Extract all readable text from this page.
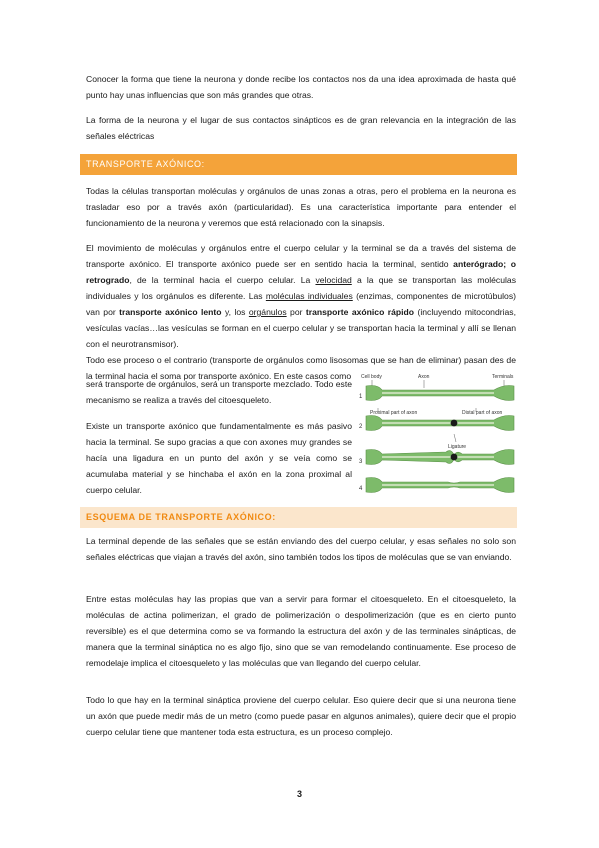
Conocer la forma que tiene la neurona y donde recibe los contactos nos da una idea aproximada de hasta qué punto hay unas influencias que son más grandes que otras.

La forma de la neurona y el lugar de sus contactos sinápticos es de gran relevancia en la integración de las señales eléctricas

TRANSPORTE AXÓNICO:

Todas la células transportan moléculas y orgánulos de unas zonas a otras, pero el problema en la neurona es trasladar eso por a través axón (particularidad). Es una característica importante para entender el funcionamiento de la neurona y veremos que está relacionado con la sinapsis.

El movimiento de moléculas y orgánulos entre el cuerpo celular y la terminal se da a través del sistema de transporte axónico. El transporte axónico puede ser en sentido hacia la terminal, sentido anterógrado; o retrogrado, de la terminal hacia el cuerpo celular. La velocidad a la que se transportan las moléculas individuales y los orgánulos es diferente. Las moléculas individuales (enzimas, componentes de microtúbulos) van por transporte axónico lento y, los orgánulos por transporte axónico rápido (incluyendo mitocondrias, vesículas vacías…las vesículas se forman en el cuerpo celular y se transportan hacia la terminal y allí se llenan con el neurotransmisor).
Todo ese proceso o el contrario (transporte de orgánulos como lisosomas que se han de eliminar) pasan des de la terminal hacia el soma por transporte axónico. En este casos como

será transporte de orgánulos, será un transporte mezclado. Todo este mecanismo se realiza a través del citoesqueleto.

Existe un transporte axónico que fundamentalmente es más pasivo hacia la terminal. Se supo gracias a que con axones muy grandes se hacía una ligadura en un punto del axón y se veía como se acumulaba material y se hinchaba el axón en la zona proximal al cuerpo celular.

Cell body	Axon	Terminals
Proximal part of axon	Distal part of axon
Ligature
1
2
3
4
ESQUEMA DE TRANSPORTE AXÓNICO:

La terminal depende de las señales que se están enviando des del cuerpo celular, y esas señales no solo son señales eléctricas que viajan a través del axón, sino también todos los tipos de moléculas que se van enviando.

Entre estas moléculas hay las propias que van a servir para formar el citoesqueleto. En el citoesqueleto, la moléculas de actina polimerizan, el grado de polimerización o despolimerización (que es en cierto punto reversible) es el que determina como se va formando la estructura del axón y de las terminales sinápticas, de manera que la terminal sináptica no es algo fijo, sino que se van remodelando continuamente. Ese proceso de remodelaje implica el citoesqueleto y las moléculas que van llegando del cuerpo celular.

Todo lo que hay en la terminal sináptica proviene del cuerpo celular. Eso quiere decir que si una neurona tiene un axón que puede medir más de un metro (como puede pasar en algunos animales), quiere decir que el propio cuerpo celular tiene que mantener toda esta estructura, es un proceso complejo.

3
